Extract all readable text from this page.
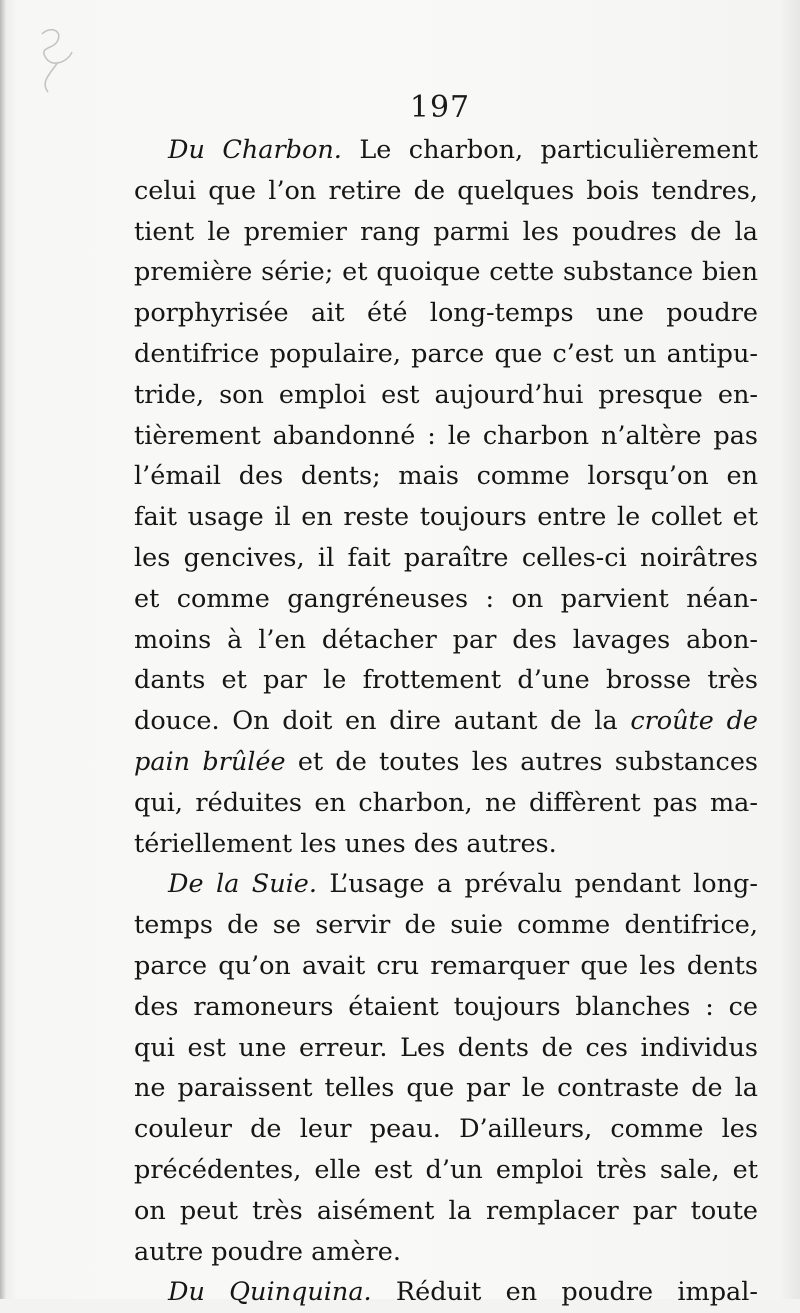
197
Du Charbon. Le charbon, particulièrement
celui que l’on retire de quelques bois tendres,
tient le premier rang parmi les poudres de la
première série; et quoique cette substance bien
porphyrisée ait été long-temps une poudre
dentifrice populaire, parce que c’est un antipu-
tride, son emploi est aujourd’hui presque en-
tièrement abandonné : le charbon n’altère pas
l’émail des dents; mais comme lorsqu’on en
fait usage il en reste toujours entre le collet et
les gencives, il fait paraître celles-ci noirâtres
et comme gangréneuses : on parvient néan-
moins à l’en détacher par des lavages abon-
dants et par le frottement d’une brosse très
douce. On doit en dire autant de la croûte de
pain brûlée et de toutes les autres substances
qui, réduites en charbon, ne diffèrent pas ma-
tériellement les unes des autres.
De la Suie. L’usage a prévalu pendant long-
temps de se servir de suie comme dentifrice,
parce qu’on avait cru remarquer que les dents
des ramoneurs étaient toujours blanches : ce
qui est une erreur. Les dents de ces individus
ne paraissent telles que par le contraste de la
couleur de leur peau. D’ailleurs, comme les
précédentes, elle est d’un emploi très sale, et
on peut très aisément la remplacer par toute
autre poudre amère.
Du Quinquina. Réduit en poudre impal-
